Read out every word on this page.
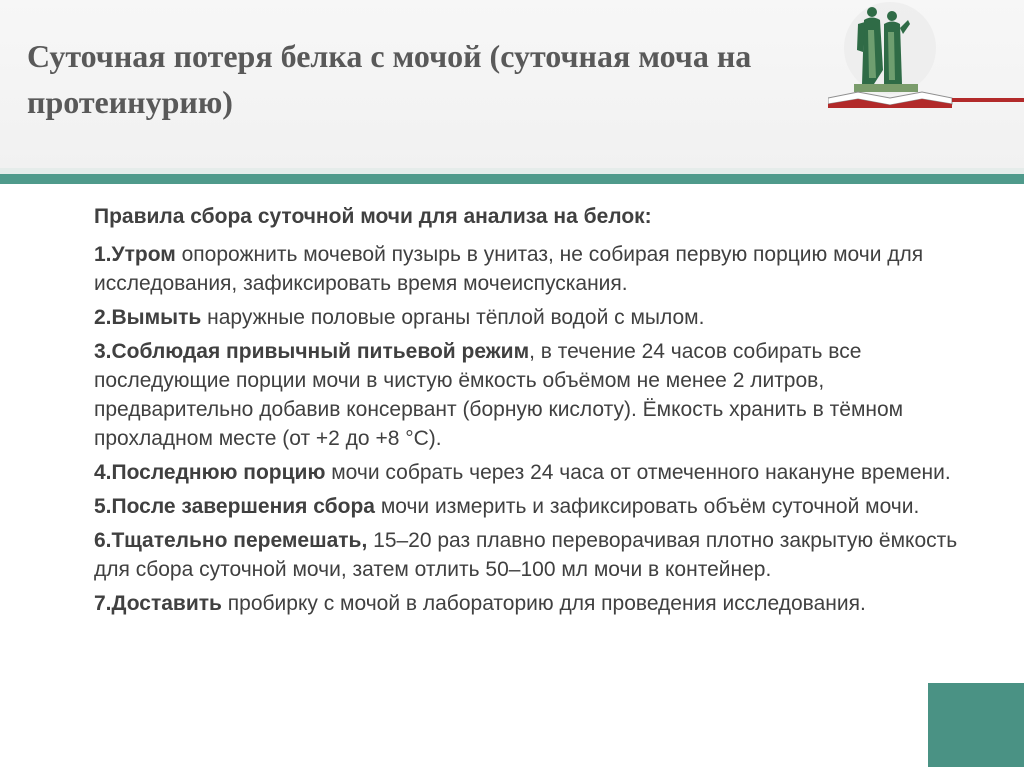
Суточная потеря белка с мочой (суточная моча на протеинурию)

Правила сбора суточной мочи для анализа на белок:

1.Утром опорожнить мочевой пузырь в унитаз, не собирая первую порцию мочи для исследования, зафиксировать время мочеиспускания.

2.Вымыть наружные половые органы тёплой водой с мылом.

3.Соблюдая привычный питьевой режим, в течение 24 часов собирать все последующие порции мочи в чистую ёмкость объёмом не менее 2 литров, предварительно добавив консервант (борную кислоту). Ёмкость хранить в тёмном прохладном месте (от +2 до +8 °С).

4.Последнюю порцию мочи собрать через 24 часа от отмеченного накануне времени.

5.После завершения сбора мочи измерить и зафиксировать объём суточной мочи.

6.Тщательно перемешать, 15–20 раз плавно переворачивая плотно закрытую ёмкость для сбора суточной мочи, затем отлить 50–100 мл мочи в контейнер.

7.Доставить пробирку с мочой в лабораторию для проведения исследования.
